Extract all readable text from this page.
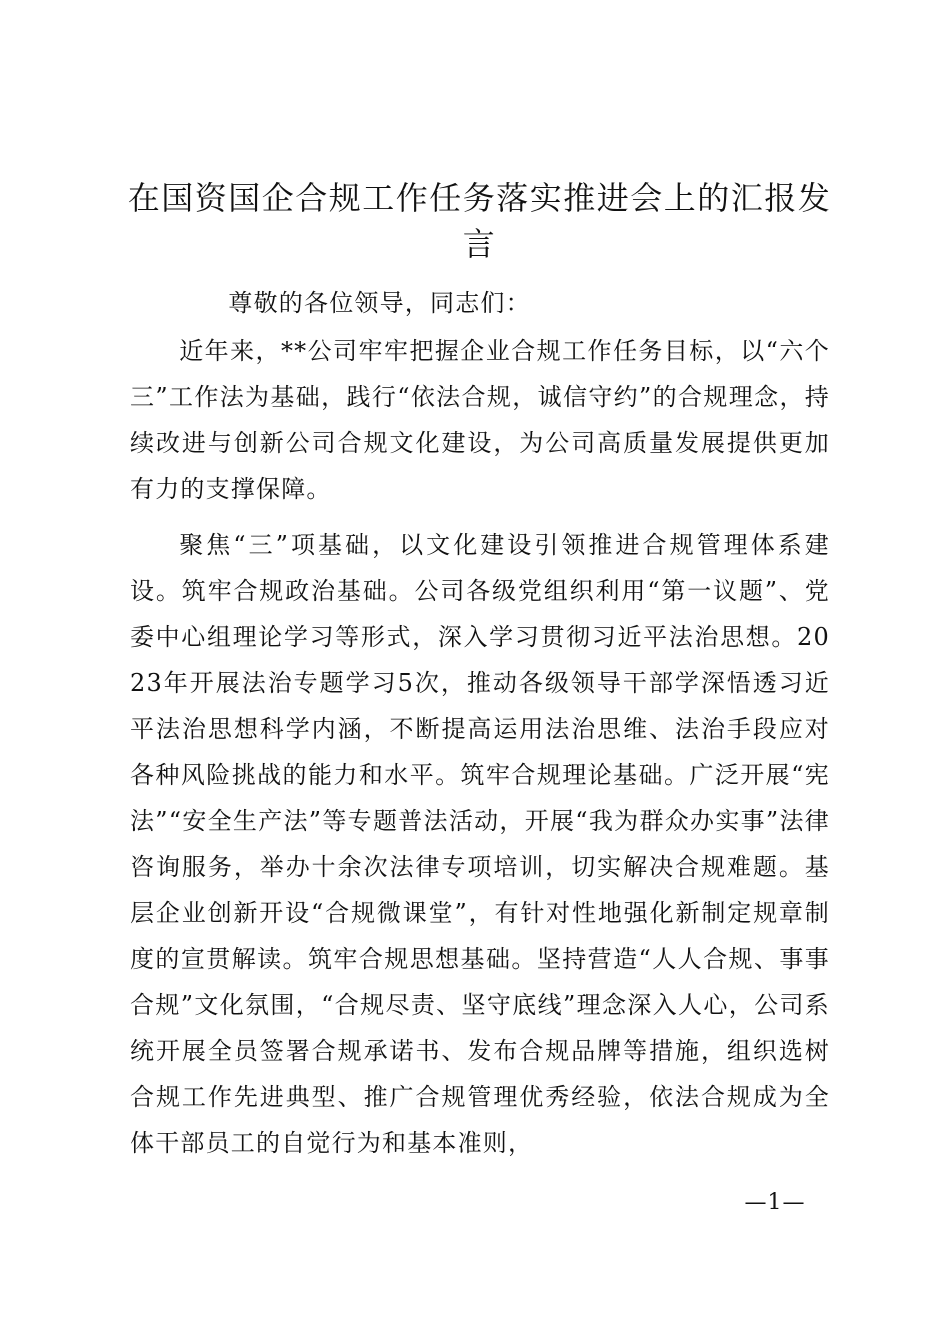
在国资国企合规工作任务落实推进会上的汇报发言

尊敬的各位领导，同志们：

近年来，**公司牢牢把握企业合规工作任务目标，以“六个三”工作法为基础，践行“依法合规，诚信守约”的合规理念，持续改进与创新公司合规文化建设，为公司高质量发展提供更加有力的支撑保障。

聚焦“三”项基础，以文化建设引领推进合规管理体系建设。筑牢合规政治基础。公司各级党组织利用“第一议题”、党委中心组理论学习等形式，深入学习贯彻习近平法治思想。2023年开展法治专题学习5次，推动各级领导干部学深悟透习近平法治思想科学内涵，不断提高运用法治思维、法治手段应对各种风险挑战的能力和水平。筑牢合规理论基础。广泛开展“宪法”“安全生产法”等专题普法活动，开展“我为群众办实事”法律咨询服务，举办十余次法律专项培训，切实解决合规难题。基层企业创新开设“合规微课堂”，有针对性地强化新制定规章制度的宣贯解读。筑牢合规思想基础。坚持营造“人人合规、事事合规”文化氛围，“合规尽责、坚守底线”理念深入人心，公司系统开展全员签署合规承诺书、发布合规品牌等措施，组织选树合规工作先进典型、推广合规管理优秀经验，依法合规成为全体干部员工的自觉行为和基本准则，

—1—
